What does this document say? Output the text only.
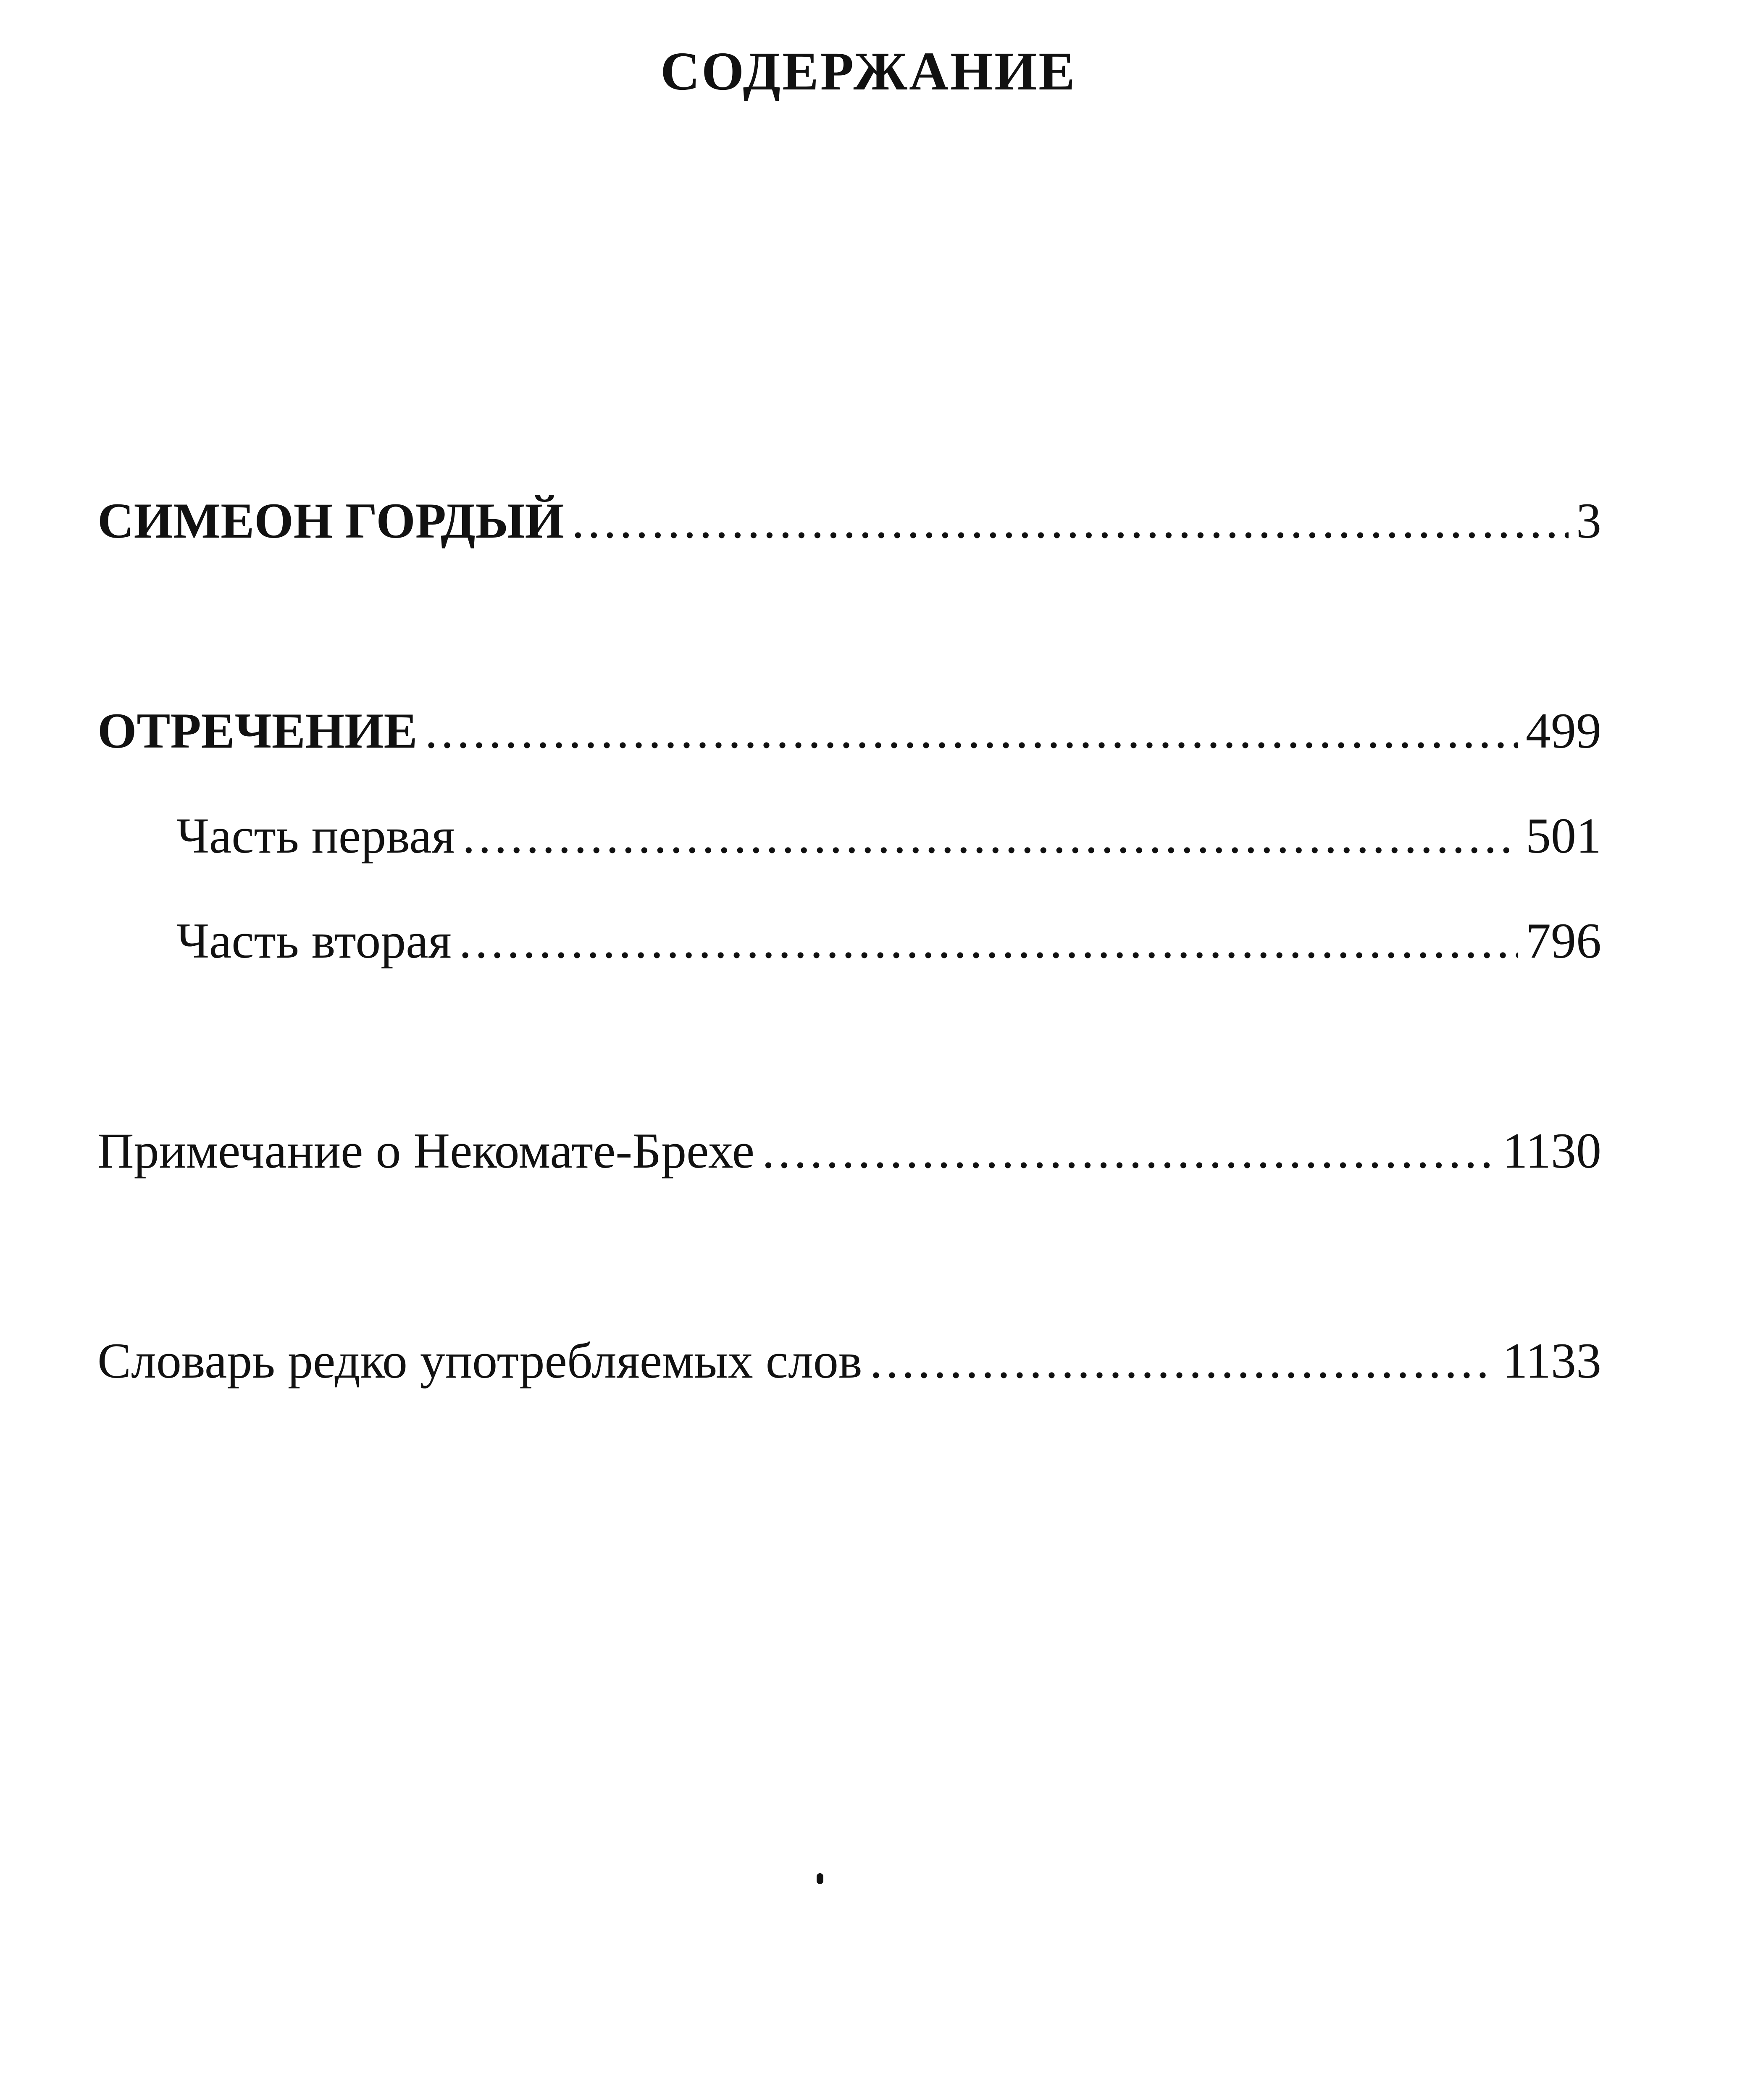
СОДЕРЖАНИЕ
СИМЕОН ГОРДЫЙ .....	3
ОТРЕЧЕНИЕ .....	499
Часть первая .....	501
Часть вторая .....	796
Примечание о Некомате-Брехе .....	1130
Словарь редко употребляемых слов .....	1133
